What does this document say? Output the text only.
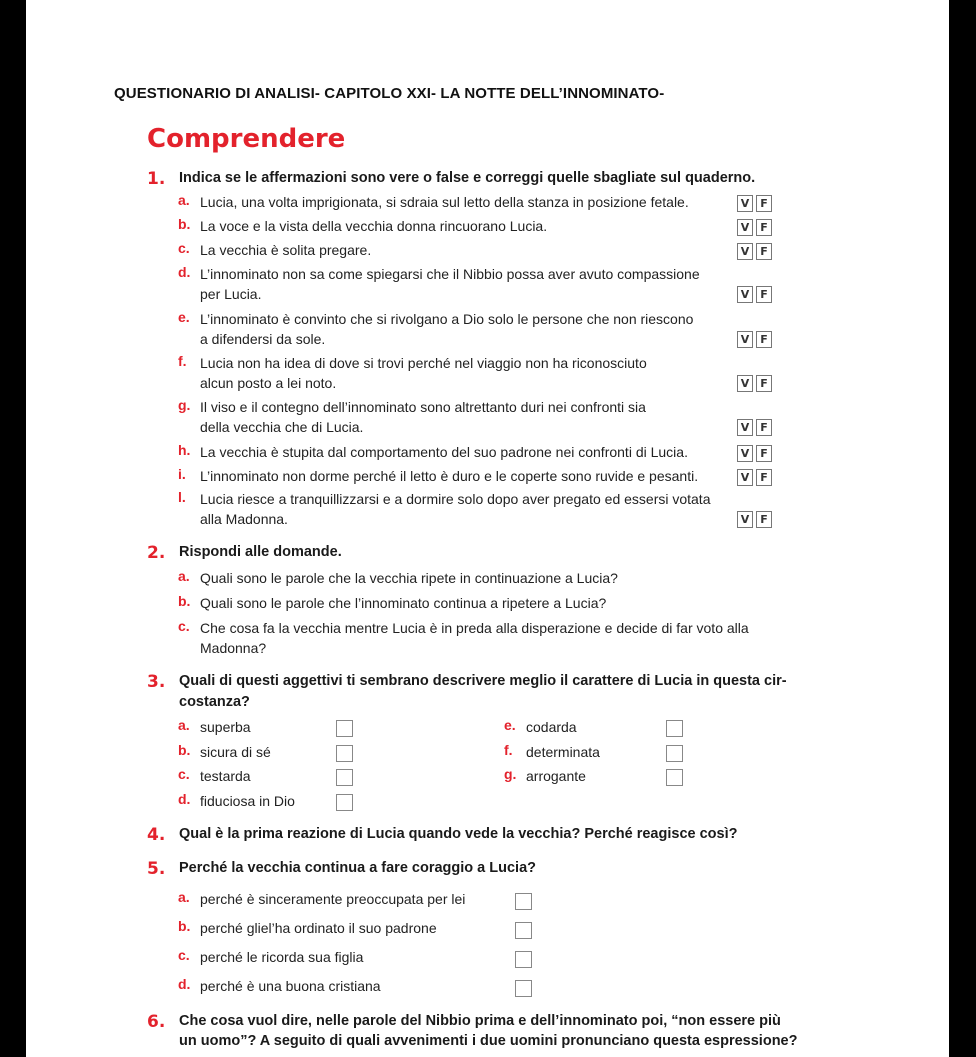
QUESTIONARIO DI ANALISI- CAPITOLO XXI- LA NOTTE DELL’INNOMINATO-
Comprendere
1. Indica se le affermazioni sono vere o false e correggi quelle sbagliate sul quaderno.
a. Lucia, una volta imprigionata, si sdraia sul letto della stanza in posizione fetale.	V F
b. La voce e la vista della vecchia donna rincuorano Lucia.	V F
c. La vecchia è solita pregare.	V F
d. L’innominato non sa come spiegarsi che il Nibbio possa aver avuto compassione
per Lucia.	V F
e. L’innominato è convinto che si rivolgano a Dio solo le persone che non riescono
a difendersi da sole.	V F
f. Lucia non ha idea di dove si trovi perché nel viaggio non ha riconosciuto
alcun posto a lei noto.	V F
g. Il viso e il contegno dell’innominato sono altrettanto duri nei confronti sia
della vecchia che di Lucia.	V F
h. La vecchia è stupita dal comportamento del suo padrone nei confronti di Lucia.	V F
i. L’innominato non dorme perché il letto è duro e le coperte sono ruvide e pesanti.	V F
l. Lucia riesce a tranquillizzarsi e a dormire solo dopo aver pregato ed essersi votata
alla Madonna.	V F
2. Rispondi alle domande.
a. Quali sono le parole che la vecchia ripete in continuazione a Lucia?
b. Quali sono le parole che l’innominato continua a ripetere a Lucia?
c. Che cosa fa la vecchia mentre Lucia è in preda alla disperazione e decide di far voto alla
Madonna?
3. Quali di questi aggettivi ti sembrano descrivere meglio il carattere di Lucia in questa cir-
costanza?
a. superba
b. sicura di sé
c. testarda
d. fiduciosa in Dio
e. codarda
f. determinata
g. arrogante
4. Qual è la prima reazione di Lucia quando vede la vecchia? Perché reagisce così?
5. Perché la vecchia continua a fare coraggio a Lucia?
a. perché è sinceramente preoccupata per lei
b. perché gliel’ha ordinato il suo padrone
c. perché le ricorda sua figlia
d. perché è una buona cristiana
6. Che cosa vuol dire, nelle parole del Nibbio prima e dell’innominato poi, “non essere più
un uomo”? A seguito di quali avvenimenti i due uomini pronunciano questa espressione?
